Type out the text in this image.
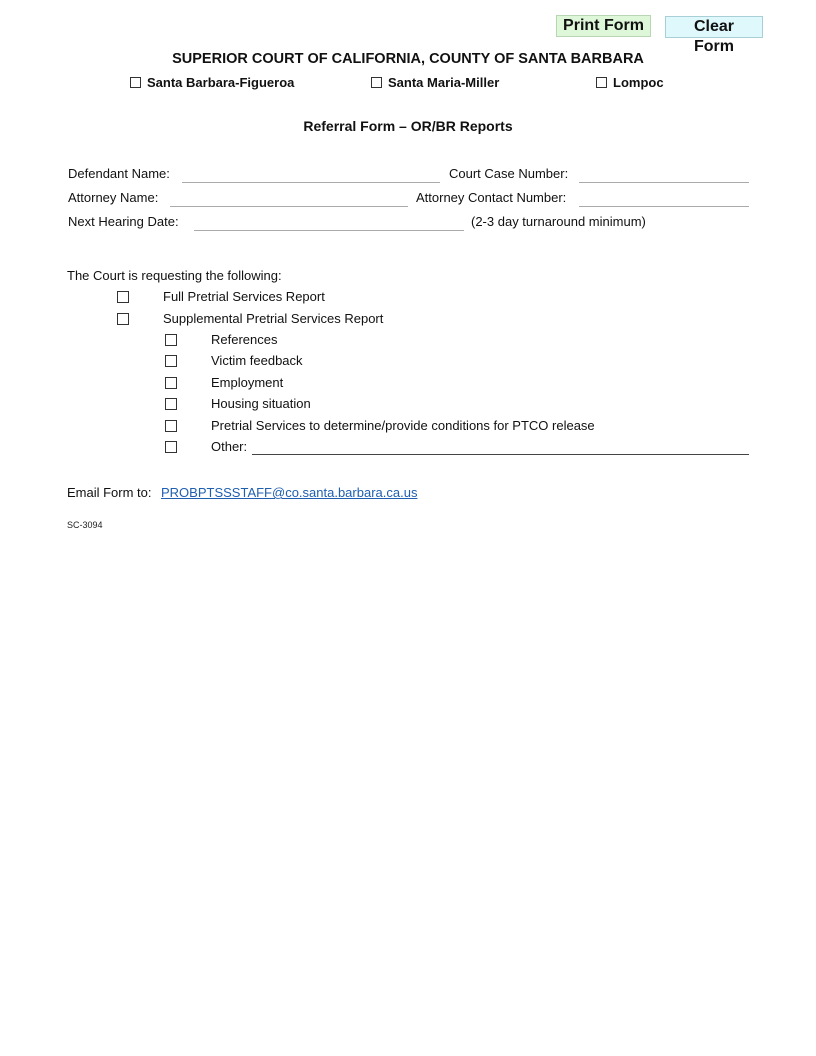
Print Form	Clear Form
SUPERIOR COURT OF CALIFORNIA, COUNTY OF SANTA BARBARA
Santa Barbara-Figueroa	Santa Maria-Miller	Lompoc
Referral Form – OR/BR Reports
Defendant Name:	Court Case Number:
Attorney Name:	Attorney Contact Number:
Next Hearing Date:	(2-3 day turnaround minimum)
The Court is requesting the following:
Full Pretrial Services Report
Supplemental Pretrial Services Report
References
Victim feedback
Employment
Housing situation
Pretrial Services to determine/provide conditions for PTCO release
Other:
Email Form to: PROBPTSSSTAFF@co.santa.barbara.ca.us
SC-3094
